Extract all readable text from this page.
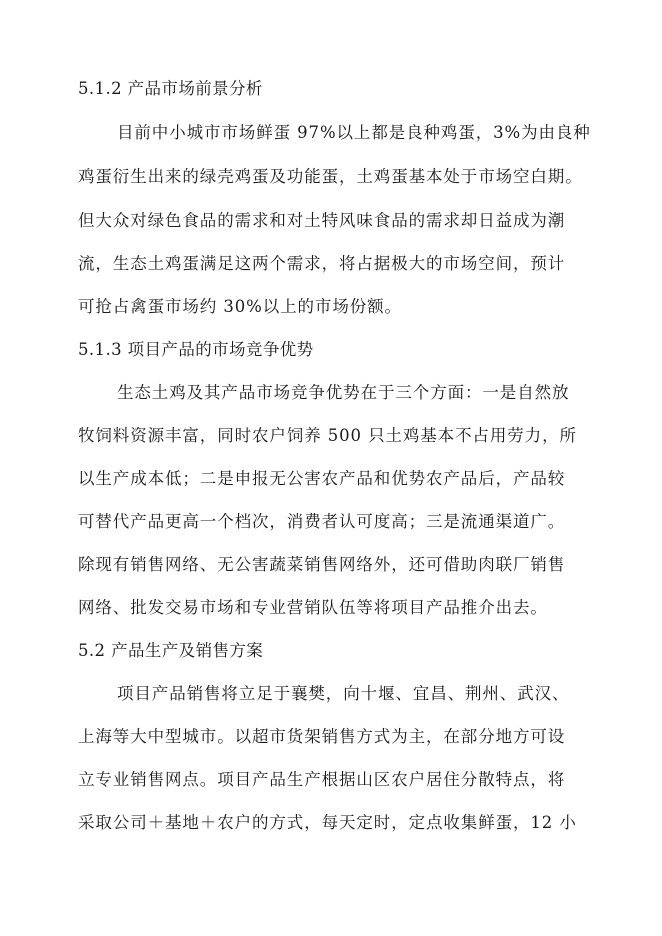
5.1.2 产品市场前景分析
目前中小城市市场鲜蛋 97%以上都是良种鸡蛋，3%为由良种
鸡蛋衍生出来的绿壳鸡蛋及功能蛋，土鸡蛋基本处于市场空白期。
但大众对绿色食品的需求和对土特风味食品的需求却日益成为潮
流，生态土鸡蛋满足这两个需求，将占据极大的市场空间，预计
可抢占禽蛋市场约 30%以上的市场份额。
5.1.3 项目产品的市场竞争优势
生态土鸡及其产品市场竞争优势在于三个方面：一是自然放
牧饲料资源丰富，同时农户饲养 500 只土鸡基本不占用劳力，所
以生产成本低；二是申报无公害农产品和优势农产品后，产品较
可替代产品更高一个档次，消费者认可度高；三是流通渠道广。
除现有销售网络、无公害蔬菜销售网络外，还可借助肉联厂销售
网络、批发交易市场和专业营销队伍等将项目产品推介出去。
5.2 产品生产及销售方案
项目产品销售将立足于襄樊，向十堰、宜昌、荆州、武汉、
上海等大中型城市。以超市货架销售方式为主，在部分地方可设
立专业销售网点。项目产品生产根据山区农户居住分散特点，将
采取公司＋基地＋农户的方式，每天定时，定点收集鲜蛋，12 小
